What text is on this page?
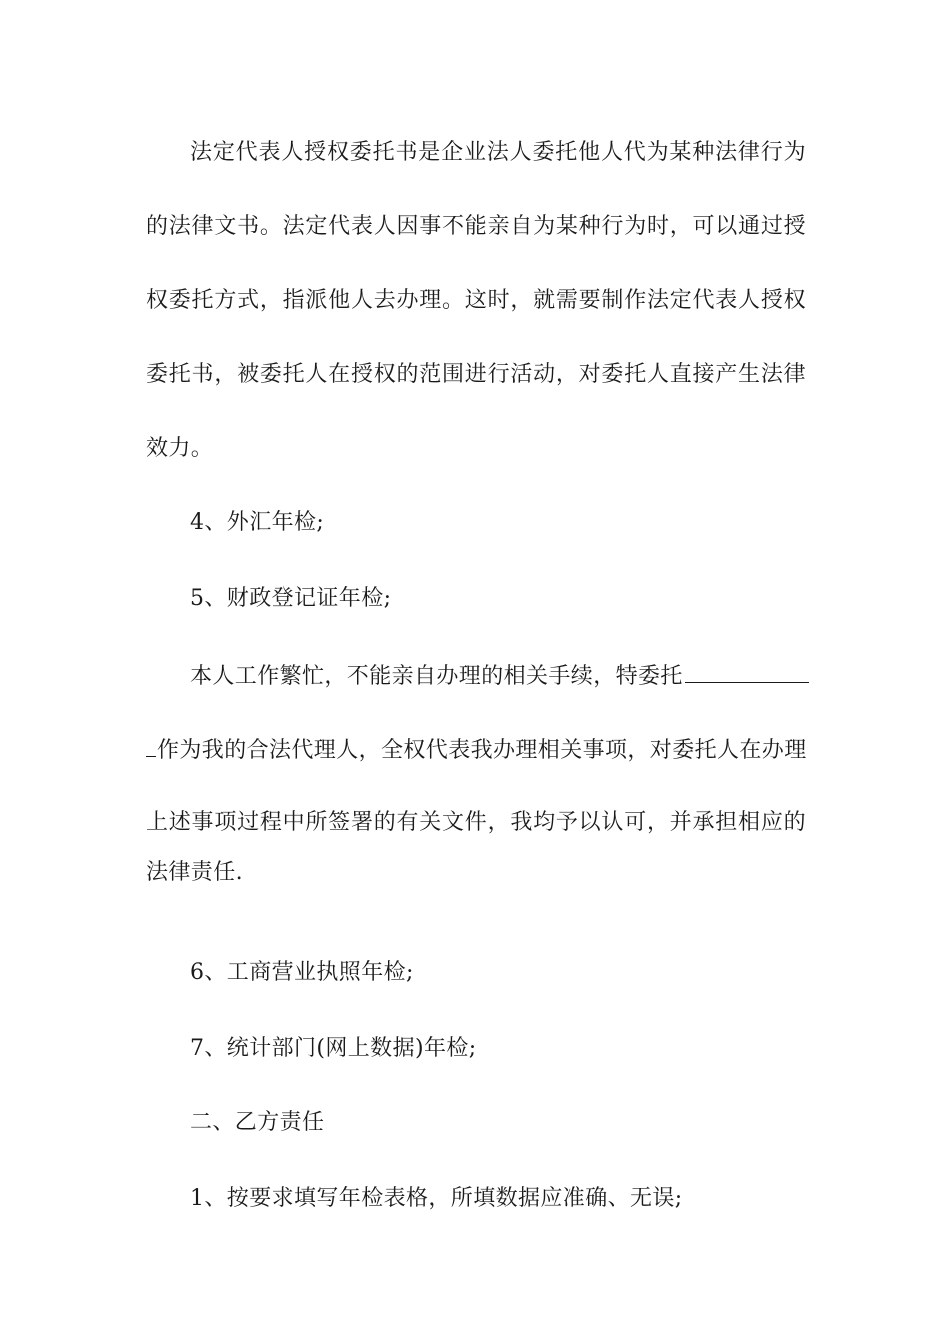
法定代表人授权委托书是企业法人委托他人代为某种法律行为
的法律文书。法定代表人因事不能亲自为某种行为时，可以通过授
权委托方式，指派他人去办理。这时，就需要制作法定代表人授权
委托书，被委托人在授权的范围进行活动，对委托人直接产生法律
效力。
4、外汇年检;
5、财政登记证年检;
本人工作繁忙，不能亲自办理的相关手续，特委托
作为我的合法代理人，全权代表我办理相关事项，对委托人在办理
上述事项过程中所签署的有关文件，我均予以认可，并承担相应的
法律责任.
6、工商营业执照年检;
7、统计部门(网上数据)年检;
二、乙方责任
1、按要求填写年检表格，所填数据应准确、无误;
